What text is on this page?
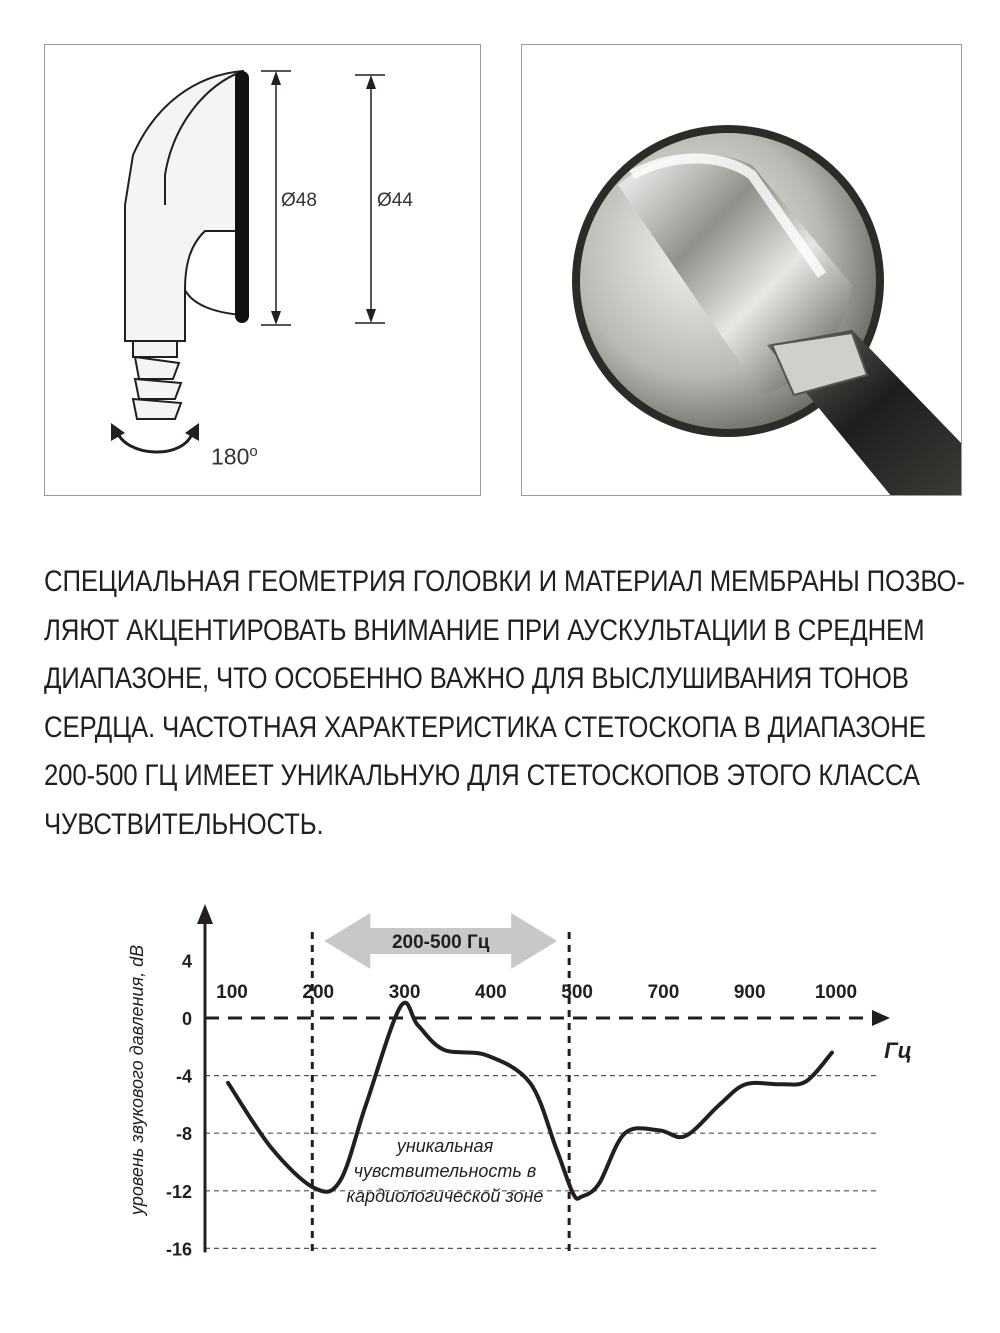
Ø48	Ø44
180$^o$
СПЕЦИАЛЬНАЯ ГЕОМЕТРИЯ ГОЛОВКИ И МАТЕРИАЛ МЕМБРАНЫ ПОЗВО-
ЛЯЮТ АКЦЕНТИРОВАТЬ ВНИМАНИЕ ПРИ АУСКУЛЬТАЦИИ В СРЕДНЕМ
ДИАПАЗОНЕ, ЧТО ОСОБЕННО ВАЖНО ДЛЯ ВЫСЛУШИВАНИЯ ТОНОВ
СЕРДЦА. ЧАСТОТНАЯ ХАРАКТЕРИСТИКА СТЕТОСКОПА В ДИАПАЗОНЕ
200-500 ГЦ ИМЕЕТ УНИКАЛЬНУЮ ДЛЯ СТЕТОСКОПОВ ЭТОГО КЛАССА
ЧУВСТВИТЕЛЬНОСТЬ.
200-500 Гц
4
0
-4
-8
-12
-16
100	200	300	400	500	700	900	1000
Гц
уровень звукового давления, dB	уникальная
чувствительность в
кардиологической зоне
